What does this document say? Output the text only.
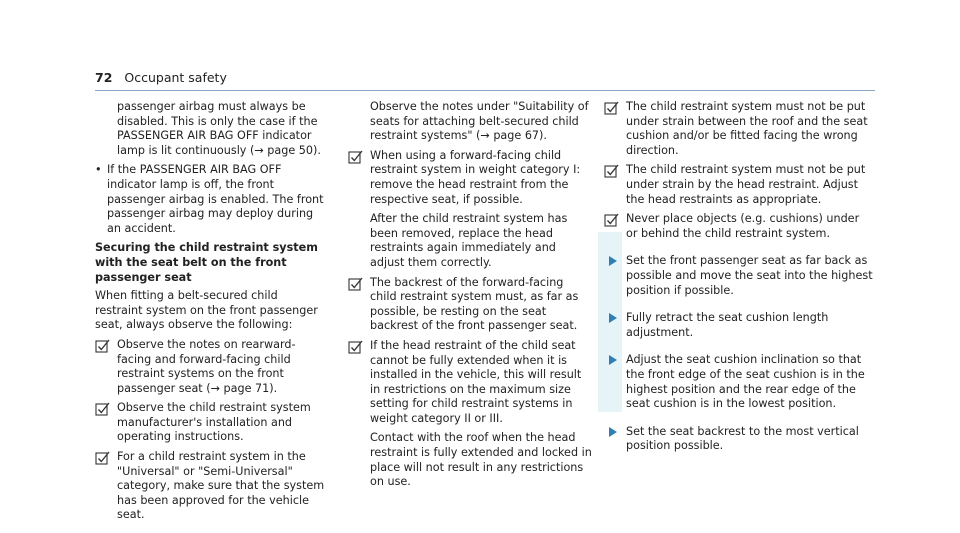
72 Occupant safety

passenger airbag must always be disabled. This is only the case if the PASSENGER AIR BAG OFF indicator lamp is lit continuously (→ page 50).

• If the PASSENGER AIR BAG OFF indicator lamp is off, the front passenger airbag is enabled. The front passenger airbag may deploy during an accident.
Securing the child restraint system with the seat belt on the front passenger seat

When fitting a belt-secured child restraint system on the front passenger seat, always observe the following:

Observe the notes on rearward-facing and forward-facing child restraint systems on the front passenger seat (→ page 71).
Observe the child restraint system manufacturer's installation and operating instructions.
For a child restraint system in the "Universal" or "Semi-Universal" category, make sure that the system has been approved for the vehicle seat.

Observe the notes under "Suitability of seats for attaching belt-secured child restraint systems" (→ page 67).

When using a forward-facing child restraint system in weight category I: remove the head restraint from the respective seat, if possible.

After the child restraint system has been removed, replace the head restraints again immediately and adjust them correctly.

The backrest of the forward-facing child restraint system must, as far as possible, be resting on the seat backrest of the front passenger seat.
If the head restraint of the child seat cannot be fully extended when it is installed in the vehicle, this will result in restrictions on the maximum size setting for child restraint systems in weight category II or III.

Contact with the roof when the head restraint is fully extended and locked in place will not result in any restrictions on use.

The child restraint system must not be put under strain between the roof and the seat cushion and/or be fitted facing the wrong direction.
The child restraint system must not be put under strain by the head restraint. Adjust the head restraints as appropriate.
Never place objects (e.g. cushions) under or behind the child restraint system.
Set the front passenger seat as far back as possible and move the seat into the highest position if possible.
Fully retract the seat cushion length adjustment.
Adjust the seat cushion inclination so that the front edge of the seat cushion is in the highest position and the rear edge of the seat cushion is in the lowest position.
Set the seat backrest to the most vertical position possible.
